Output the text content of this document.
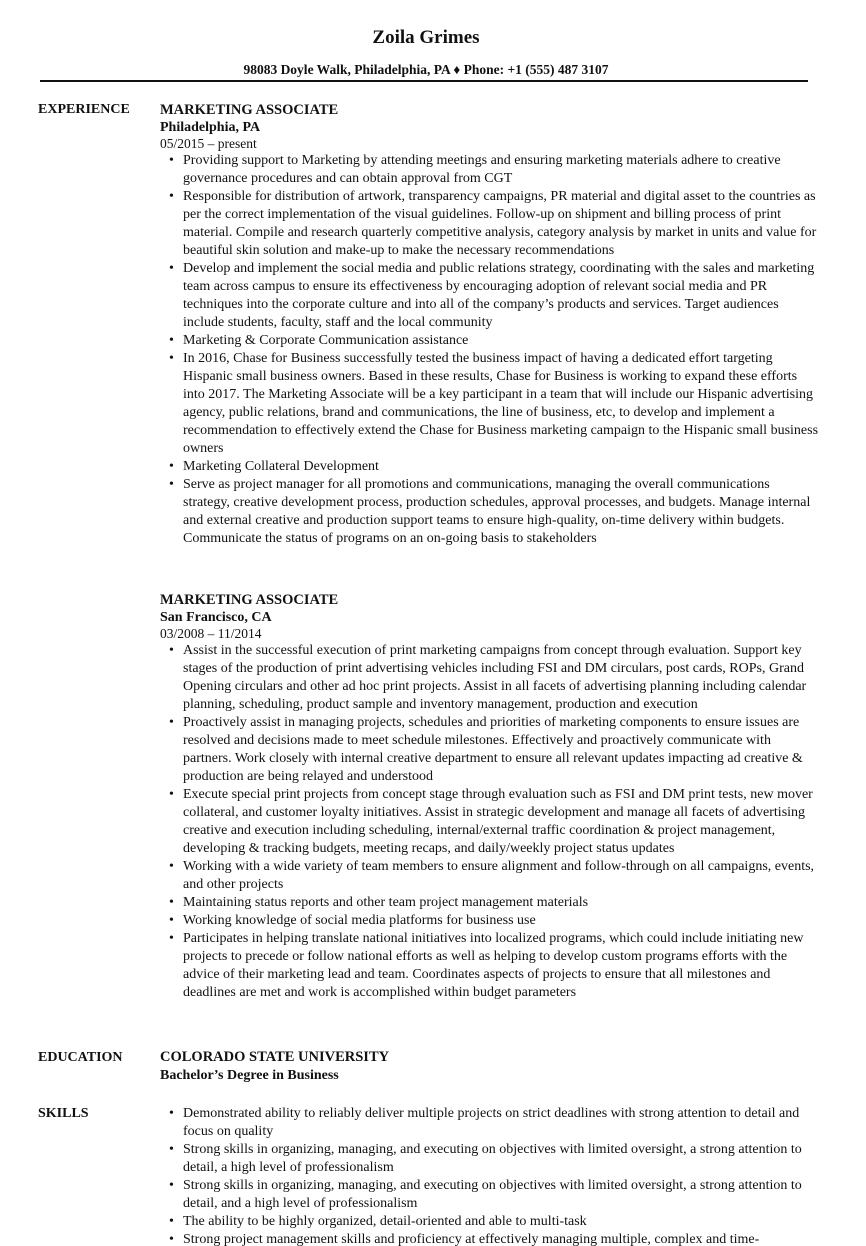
Zoila Grimes
98083 Doyle Walk, Philadelphia, PA ♦ Phone: +1 (555) 487 3107
EXPERIENCE MARKETING ASSOCIATE
Philadelphia, PA
05/2015 – present
• Providing support to Marketing by attending meetings and ensuring marketing materials adhere to creative governance procedures and can obtain approval from CGT
• Responsible for distribution of artwork, transparency campaigns, PR material and digital asset to the countries as per the correct implementation of the visual guidelines. Follow-up on shipment and billing process of print material. Compile and research quarterly competitive analysis, category analysis by market in units and value for beautiful skin solution and make-up to make the necessary recommendations
• Develop and implement the social media and public relations strategy, coordinating with the sales and marketing team across campus to ensure its effectiveness by encouraging adoption of relevant social media and PR techniques into the corporate culture and into all of the company’s products and services. Target audiences include students, faculty, staff and the local community
• Marketing & Corporate Communication assistance
• In 2016, Chase for Business successfully tested the business impact of having a dedicated effort targeting Hispanic small business owners. Based in these results, Chase for Business is working to expand these efforts into 2017. The Marketing Associate will be a key participant in a team that will include our Hispanic advertising agency, public relations, brand and communications, the line of business, etc, to develop and implement a recommendation to effectively extend the Chase for Business marketing campaign to the Hispanic small business owners
• Marketing Collateral Development
• Serve as project manager for all promotions and communications, managing the overall communications strategy, creative development process, production schedules, approval processes, and budgets. Manage internal and external creative and production support teams to ensure high-quality, on-time delivery within budgets. Communicate the status of programs on an on-going basis to stakeholders
MARKETING ASSOCIATE
San Francisco, CA
03/2008 – 11/2014
• Assist in the successful execution of print marketing campaigns from concept through evaluation. Support key stages of the production of print advertising vehicles including FSI and DM circulars, post cards, ROPs, Grand Opening circulars and other ad hoc print projects. Assist in all facets of advertising planning including calendar planning, scheduling, product sample and inventory management, production and execution
• Proactively assist in managing projects, schedules and priorities of marketing components to ensure issues are resolved and decisions made to meet schedule milestones. Effectively and proactively communicate with partners. Work closely with internal creative department to ensure all relevant updates impacting ad creative & production are being relayed and understood
• Execute special print projects from concept stage through evaluation such as FSI and DM print tests, new mover collateral, and customer loyalty initiatives. Assist in strategic development and manage all facets of advertising creative and execution including scheduling, internal/external traffic coordination & project management, developing & tracking budgets, meeting recaps, and daily/weekly project status updates
• Working with a wide variety of team members to ensure alignment and follow-through on all campaigns, events, and other projects
• Maintaining status reports and other team project management materials
• Working knowledge of social media platforms for business use
• Participates in helping translate national initiatives into localized programs, which could include initiating new projects to precede or follow national efforts as well as helping to develop custom programs efforts with the advice of their marketing lead and team. Coordinates aspects of projects to ensure that all milestones and deadlines are met and work is accomplished within budget parameters
EDUCATION	COLORADO STATE UNIVERSITY
Bachelor’s Degree in Business
SKILLS	• Demonstrated ability to reliably deliver multiple projects on strict deadlines with strong attention to detail and focus on quality
• Strong skills in organizing, managing, and executing on objectives with limited oversight, a strong attention to detail, a high level of professionalism
• Strong skills in organizing, managing, and executing on objectives with limited oversight, a strong attention to detail, and a high level of professionalism
• The ability to be highly organized, detail-oriented and able to multi-task
• Strong project management skills and proficiency at effectively managing multiple, complex and time-
